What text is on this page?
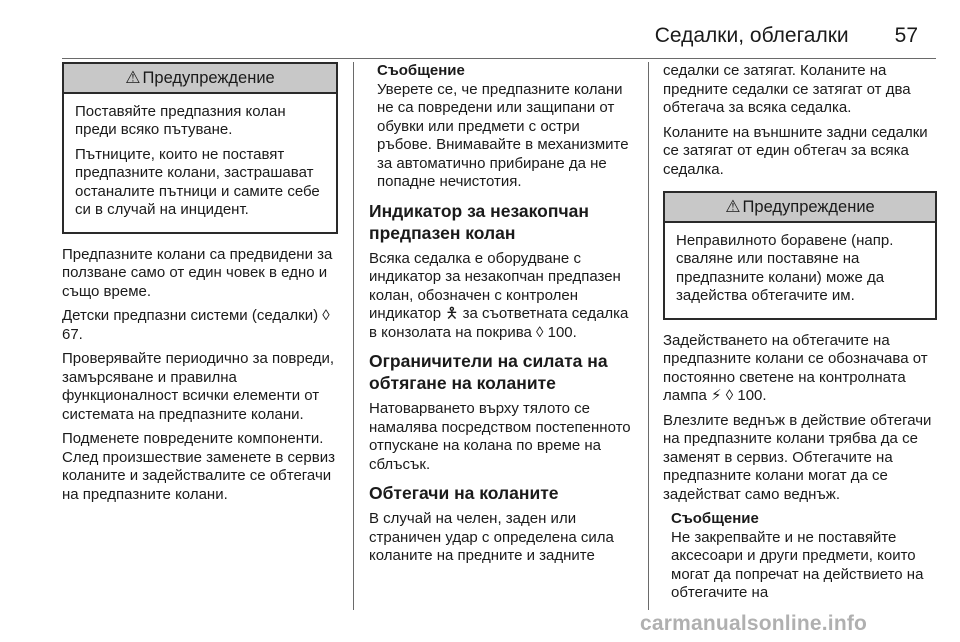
Седалки, облегалки 57
⚠ Предупреждение

Поставяйте предпазния колан преди всяко пътуване.

Пътниците, които не поставят предпазните колани, застрашават останалите пътници и самите себе си в случай на инцидент.

Предпазните колани са предвидени за ползване само от един човек в едно и също време.

Детски предпазни системи (седалки) ◊ 67.

Проверявайте периодично за повреди, замърсяване и правилна функционалност всички елементи от системата на предпазните колани.

Подменете повредените компоненти. След произшествие заменете в сервиз коланите и задействалите се обтегачи на предпазните колани.

Съобщение

Уверете се, че предпазните колани не са повредени или защипани от обувки или предмети с остри ръбове. Внимавайте в механизмите за автоматично прибиране да не попадне нечистотия.

Индикатор за незакопчан предпазен колан

Всяка седалка е оборудване с индикатор за незакопчан предпазен колан, обозначен с контролен индикатор 🯅 за съответната седалка в конзолата на покрива ◊ 100.

Ограничители на силата на обтягане на коланите

Натоварването върху тялото се намалява посредством постепенното отпускане на колана по време на сблъсък.

Обтегачи на коланите

В случай на челен, заден или страничен удар с определена сила коланите на предните и задните

седалки се затягат. Коланите на предните седалки се затягат от два обтегача за всяка седалка.

Коланите на външните задни седалки се затягат от един обтегач за всяка седалка.

⚠ Предупреждение

Неправилното боравене (напр. сваляне или поставяне на предпазните колани) може да задейства обтегачите им.

Задействането на обтегачите на предпазните колани се обозначава от постоянно светене на контролната лампа ⚡ ◊ 100.

Влезлите веднъж в действие обтегачи на предпазните колани трябва да се заменят в сервиз. Обтегачите на предпазните колани могат да се задействат само веднъж.

Съобщение

Не закрепвайте и не поставяйте аксесоари и други предмети, които могат да попречат на действието на обтегачите на

carmanualsonline.info
